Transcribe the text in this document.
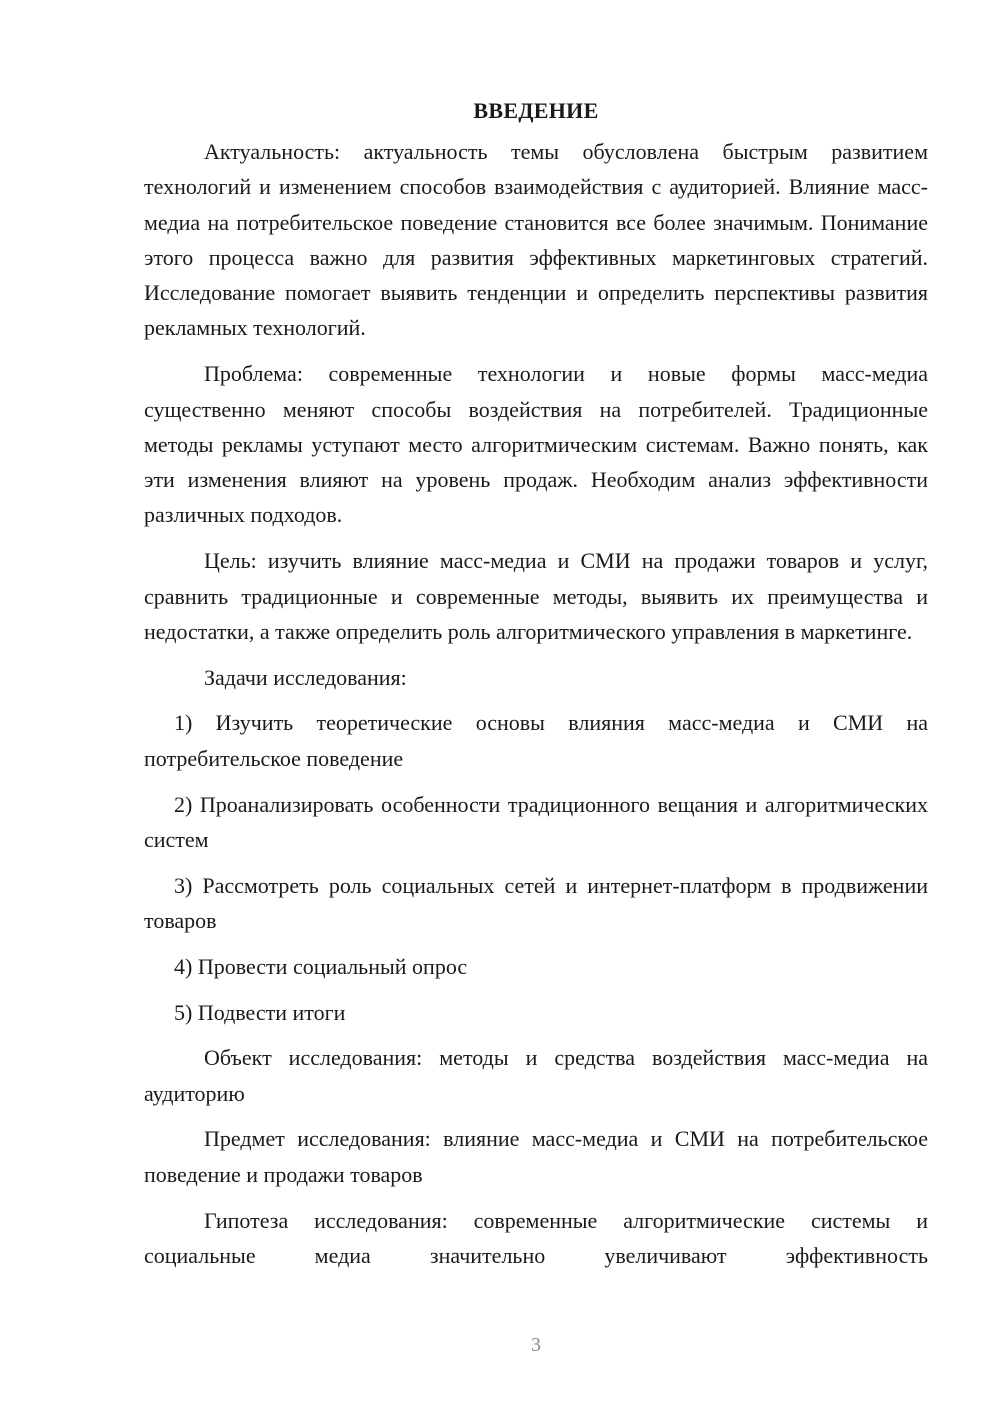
ВВЕДЕНИЕ

Актуальность: актуальность темы обусловлена быстрым развитием технологий и изменением способов взаимодействия с аудиторией. Влияние масс-медиа на потребительское поведение становится все более значимым. Понимание этого процесса важно для развития эффективных маркетинговых стратегий. Исследование помогает выявить тенденции и определить перспективы развития рекламных технологий.

Проблема: современные технологии и новые формы масс-медиа существенно меняют способы воздействия на потребителей. Традиционные методы рекламы уступают место алгоритмическим системам. Важно понять, как эти изменения влияют на уровень продаж. Необходим анализ эффективности различных подходов.

Цель: изучить влияние масс-медиа и СМИ на продажи товаров и услуг, сравнить традиционные и современные методы, выявить их преимущества и недостатки, а также определить роль алгоритмического управления в маркетинге.

Задачи исследования:

1) Изучить теоретические основы влияния масс-медиа и СМИ на потребительское поведение

2) Проанализировать особенности традиционного вещания и алгоритмических систем

3) Рассмотреть роль социальных сетей и интернет-платформ в продвижении товаров

4) Провести социальный опрос

5) Подвести итоги

Объект исследования: методы и средства воздействия масс-медиа на аудиторию

Предмет исследования: влияние масс-медиа и СМИ на потребительское поведение и продажи товаров

Гипотеза исследования: современные алгоритмические системы и социальные медиа значительно увеличивают эффективность

3
